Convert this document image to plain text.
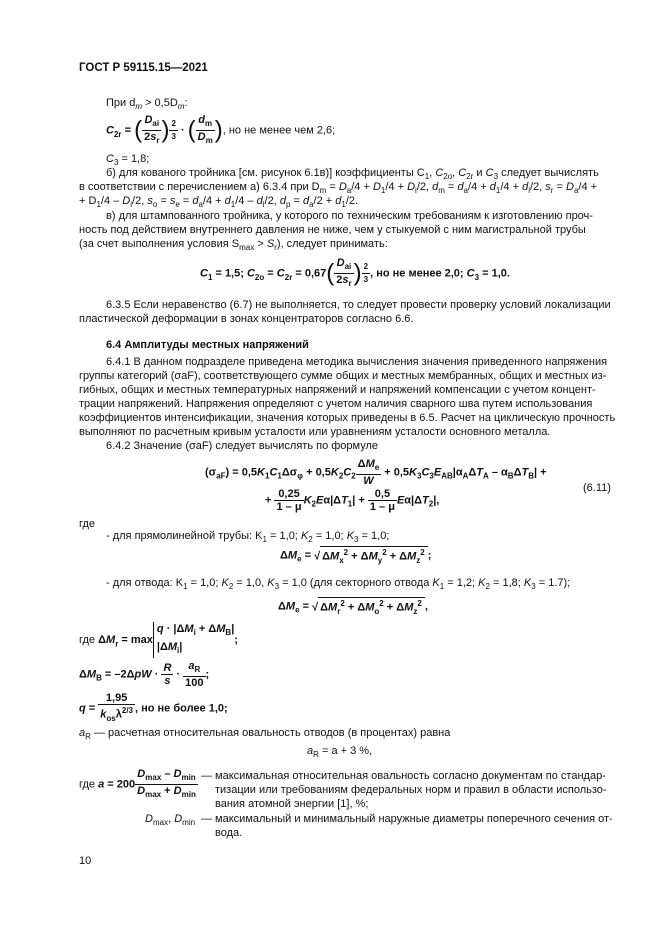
ГОСТ Р 59115.15—2021
При $d_m > 0,5D_m$:
$C_{2r}$ = ( $\frac{D_{ai}}{2s_r}$ ) $\frac{2}{3}$ · ( $\frac{d_m}{D_m}$ ), но не менее чем 2,6;
$C_3 = 1,8$;
б) для кованого тройника [см. рисунок 6.1в)] коэффициенты $C_1$, $C_{2o}$, $C_{2r}$ и $C_3$ следует вычислять
в соответствии с перечислением а) 6.3.4 при $D_m = D_a/4 + D_1/4 + D_i/2$, $d_m = d_a/4 + d_1/4 + d_i/2$, $s_r = D_a/4$ +
+ $D_1/4 - D_i/2$, $s_o = s_e = d_a/4 + d_1/4 - d_i/2$, $d_p = d_a/2 + d_1/2$.
в) для штампованного тройника, у которого по техническим требованиям к изготовлению проч-
ность под действием внутреннего давления не ниже, чем у стыкуемой с ним магистральной трубы
(за счет выполнения условия $S_{max} > S_r$), следует принимать:
$C_1 = 1,5$; $C_{2o} = C_{2r} = 0,67( \frac{D_{ai}}{2s_r}$ ) $\frac{2}{3}$ , но не менее 2,0; $C_3 = 1,0$.
6.3.5 Если неравенство (6.7) не выполняется, то следует провести проверку условий локализации
пластической деформации в зонах концентраторов согласно 6.6.
6.4 Амплитуды местных напряжений
6.4.1 В данном подразделе приведена методика вычисления значения приведенного напряжения
группы категорий (σaF), соответствующего сумме общих и местных мембранных, общих и местных из-
гибных, общих и местных температурных напряжений и напряжений компенсации с учетом концент-
трации напряжений. Напряжения определяют с учетом наличия сварного шва путем использования
коэффициентов интенсификации, значения которых приведены в 6.5. Расчет на циклическую прочность
выполняют по расчетным кривым усталости или уравнениям усталости основного металла.
6.4.2 Значение (σaF) следует вычислять по формуле
$(\sigma_{aF}) = 0,5K_1C_1\Delta\sigma_\varphi + 0,5K_2C_2 \frac{\Delta M_e}{W} + 0,5K_3C_3E_{AB}|\alpha_A\Delta T_A - \alpha_B\Delta T_B|$ +
+ $\frac{0,25}{1 - \mu} K_2E\alpha|\Delta T_1| + \frac{0,5}{1 - \mu} E\alpha|\Delta T_2|$,
(6.11)
где
- для прямолинейной трубы: $K_1 = 1,0$; $K_2 = 1,0$; $K_3 = 1,0$;
$\Delta M_e$ = √ $\Delta M_x^2 + \Delta M_y^2 + \Delta M_z^2$ ;
- для отвода: $K_1 = 1,0$; $K_2 = 1,0$, $K_3 = 1,0$ (для секторного отвода $K_1 = 1,2$; $K_2 = 1,8$; $K_3 = 1.7$);
$\Delta M_e$ = √ $\Delta M_r^2 + \Delta M_o^2 + \Delta M_z^2$ ,
где $\Delta M_r = \max$
$q \cdot |\Delta M_i + \Delta M_B|$
$|\Delta M_i|$
;
$\Delta M_B = -2\Delta pW \cdot \frac{R}{s} \cdot \frac{a_R}{100}$ ;
$q = \frac{1,95}{k_{os}\lambda^{2/3}}$ , но не более 1,0;
$a_R$ — расчетная относительная овальность отводов (в процентах) равна
$a_R = a + 3$ %,
где $a = 200 \frac{D_{max} - D_{min}}{D_{max} + D_{min}}$ — максимальная относительная овальность согласно документам по стандар-
тизации или требованиям федеральных норм и правил в области использо-
вания атомной энергии [1], %;
$D_{max}$, $D_{min}$ — максимальный и минимальный наружные диаметры поперечного сечения от-
вода.
10
